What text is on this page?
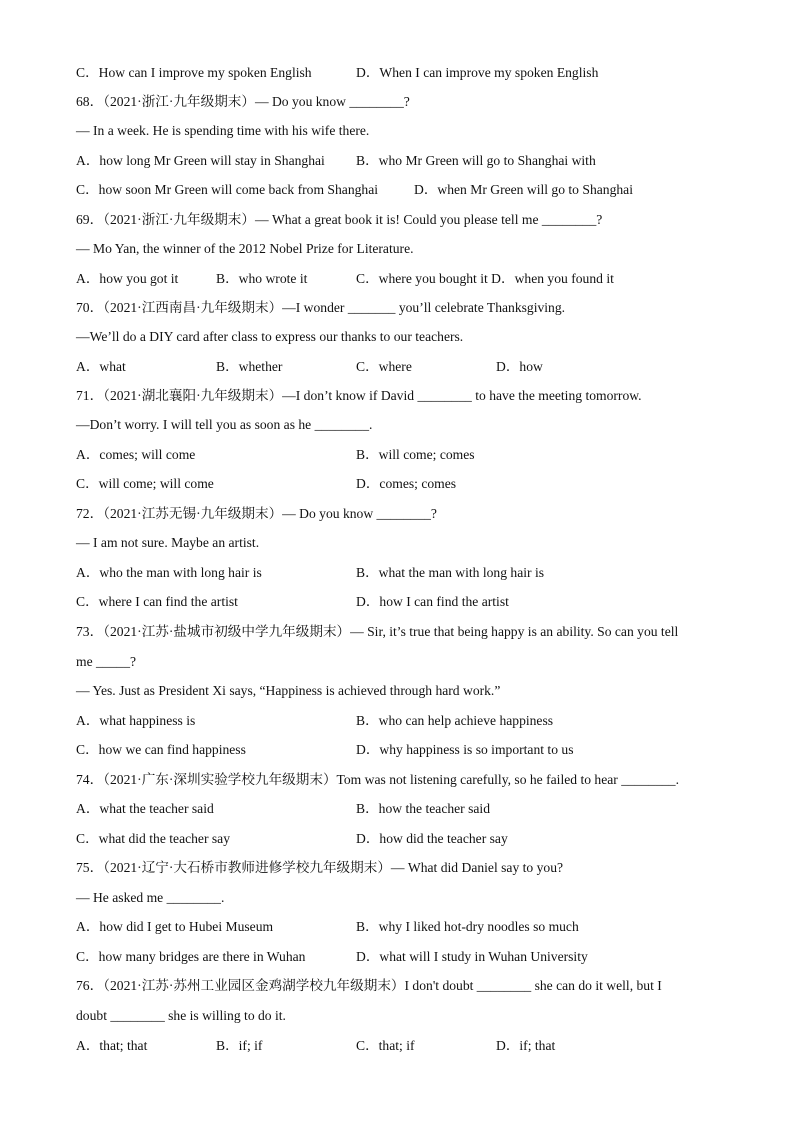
C．How can I improve my spoken English	D．When I can improve my spoken English
68．（2021·浙江·九年级期末）— Do you know ________?
— In a week. He is spending time with his wife there.
A．how long Mr Green will stay in Shanghai B．who Mr Green will go to Shanghai with
C．how soon Mr Green will come back from Shanghai	D．when Mr Green will go to Shanghai
69．（2021·浙江·九年级期末）— What a great book it is! Could you please tell me ________?
— Mo Yan, the winner of the 2012 Nobel Prize for Literature.
A．how you got it	B．who wrote it	C．where you bought it D．when you found it
70．（2021·江西南昌·九年级期末）—I wonder _______ you’ll celebrate Thanksgiving.
—We’ll do a DIY card after class to express our thanks to our teachers.
A．what	B．whether	C．where	D．how
71．（2021·湖北襄阳·九年级期末）—I don’t know if David ________ to have the meeting tomorrow.
—Don’t worry. I will tell you as soon as he ________.
A．comes; will come	B．will come; comes
C．will come; will come	D．comes; comes
72．（2021·江苏无锡·九年级期末）— Do you know ________?
— I am not sure. Maybe an artist.
A．who the man with long hair is	B．what the man with long hair is
C．where I can find the artist	D．how I can find the artist
73．（2021·江苏·盐城市初级中学九年级期末）— Sir, it’s true that being happy is an ability. So can you tell
me _____?
— Yes. Just as President Xi says, “Happiness is achieved through hard work.”
A．what happiness is	B．who can help achieve happiness
C．how we can find happiness	D．why happiness is so important to us
74．（2021·广东·深圳实验学校九年级期末）Tom was not listening carefully, so he failed to hear ________.
A．what the teacher said	B．how the teacher said
C．what did the teacher say	D．how did the teacher say
75．（2021·辽宁·大石桥市教师进修学校九年级期末）— What did Daniel say to you?
— He asked me ________.
A．how did I get to Hubei Museum	B．why I liked hot-dry noodles so much
C．how many bridges are there in Wuhan	D．what will I study in Wuhan University
76．（2021·江苏·苏州工业园区金鸡湖学校九年级期末）I don't doubt ________ she can do it well, but I
doubt ________ she is willing to do it.
A．that; that	B．if; if	C．that; if	D．if; that
